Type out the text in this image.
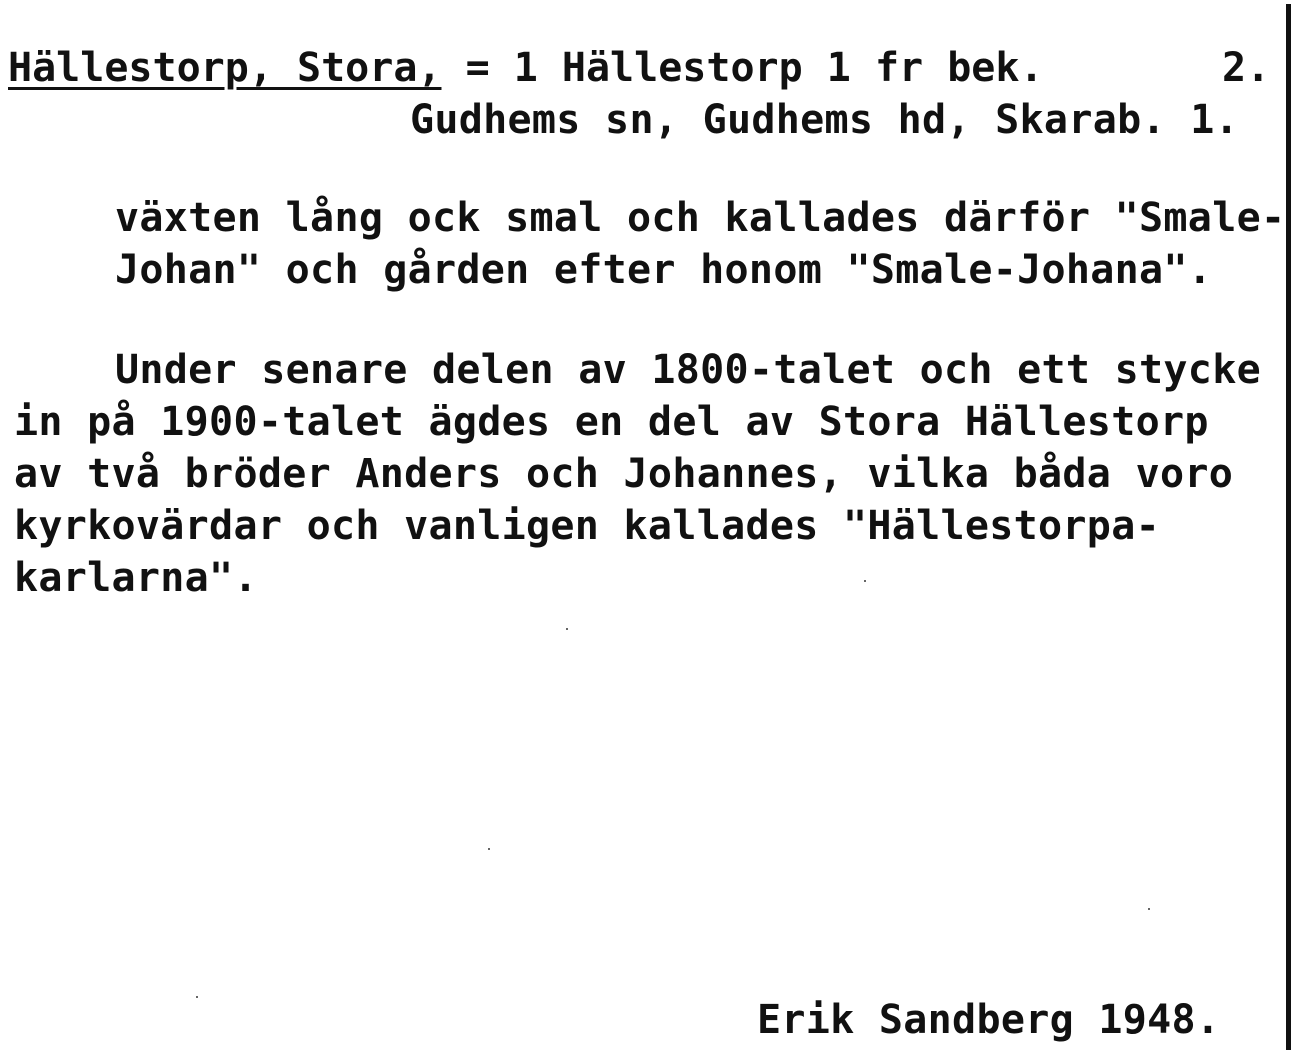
Hällestorp, Stora, = 1 Hällestorp 1 fr bek.	2.

Gudhems sn, Gudhems hd, Skarab. 1.

växten lång ock smal och kallades därför "Smale-

Johan" och gården efter honom "Smale-Johana".

Under senare delen av 1800-talet och ett stycke

in på 1900-talet ägdes en del av Stora Hällestorp

av två bröder Anders och Johannes, vilka båda voro

kyrkovärdar och vanligen kallades "Hällestorpa-

karlarna".

Erik Sandberg 1948.
